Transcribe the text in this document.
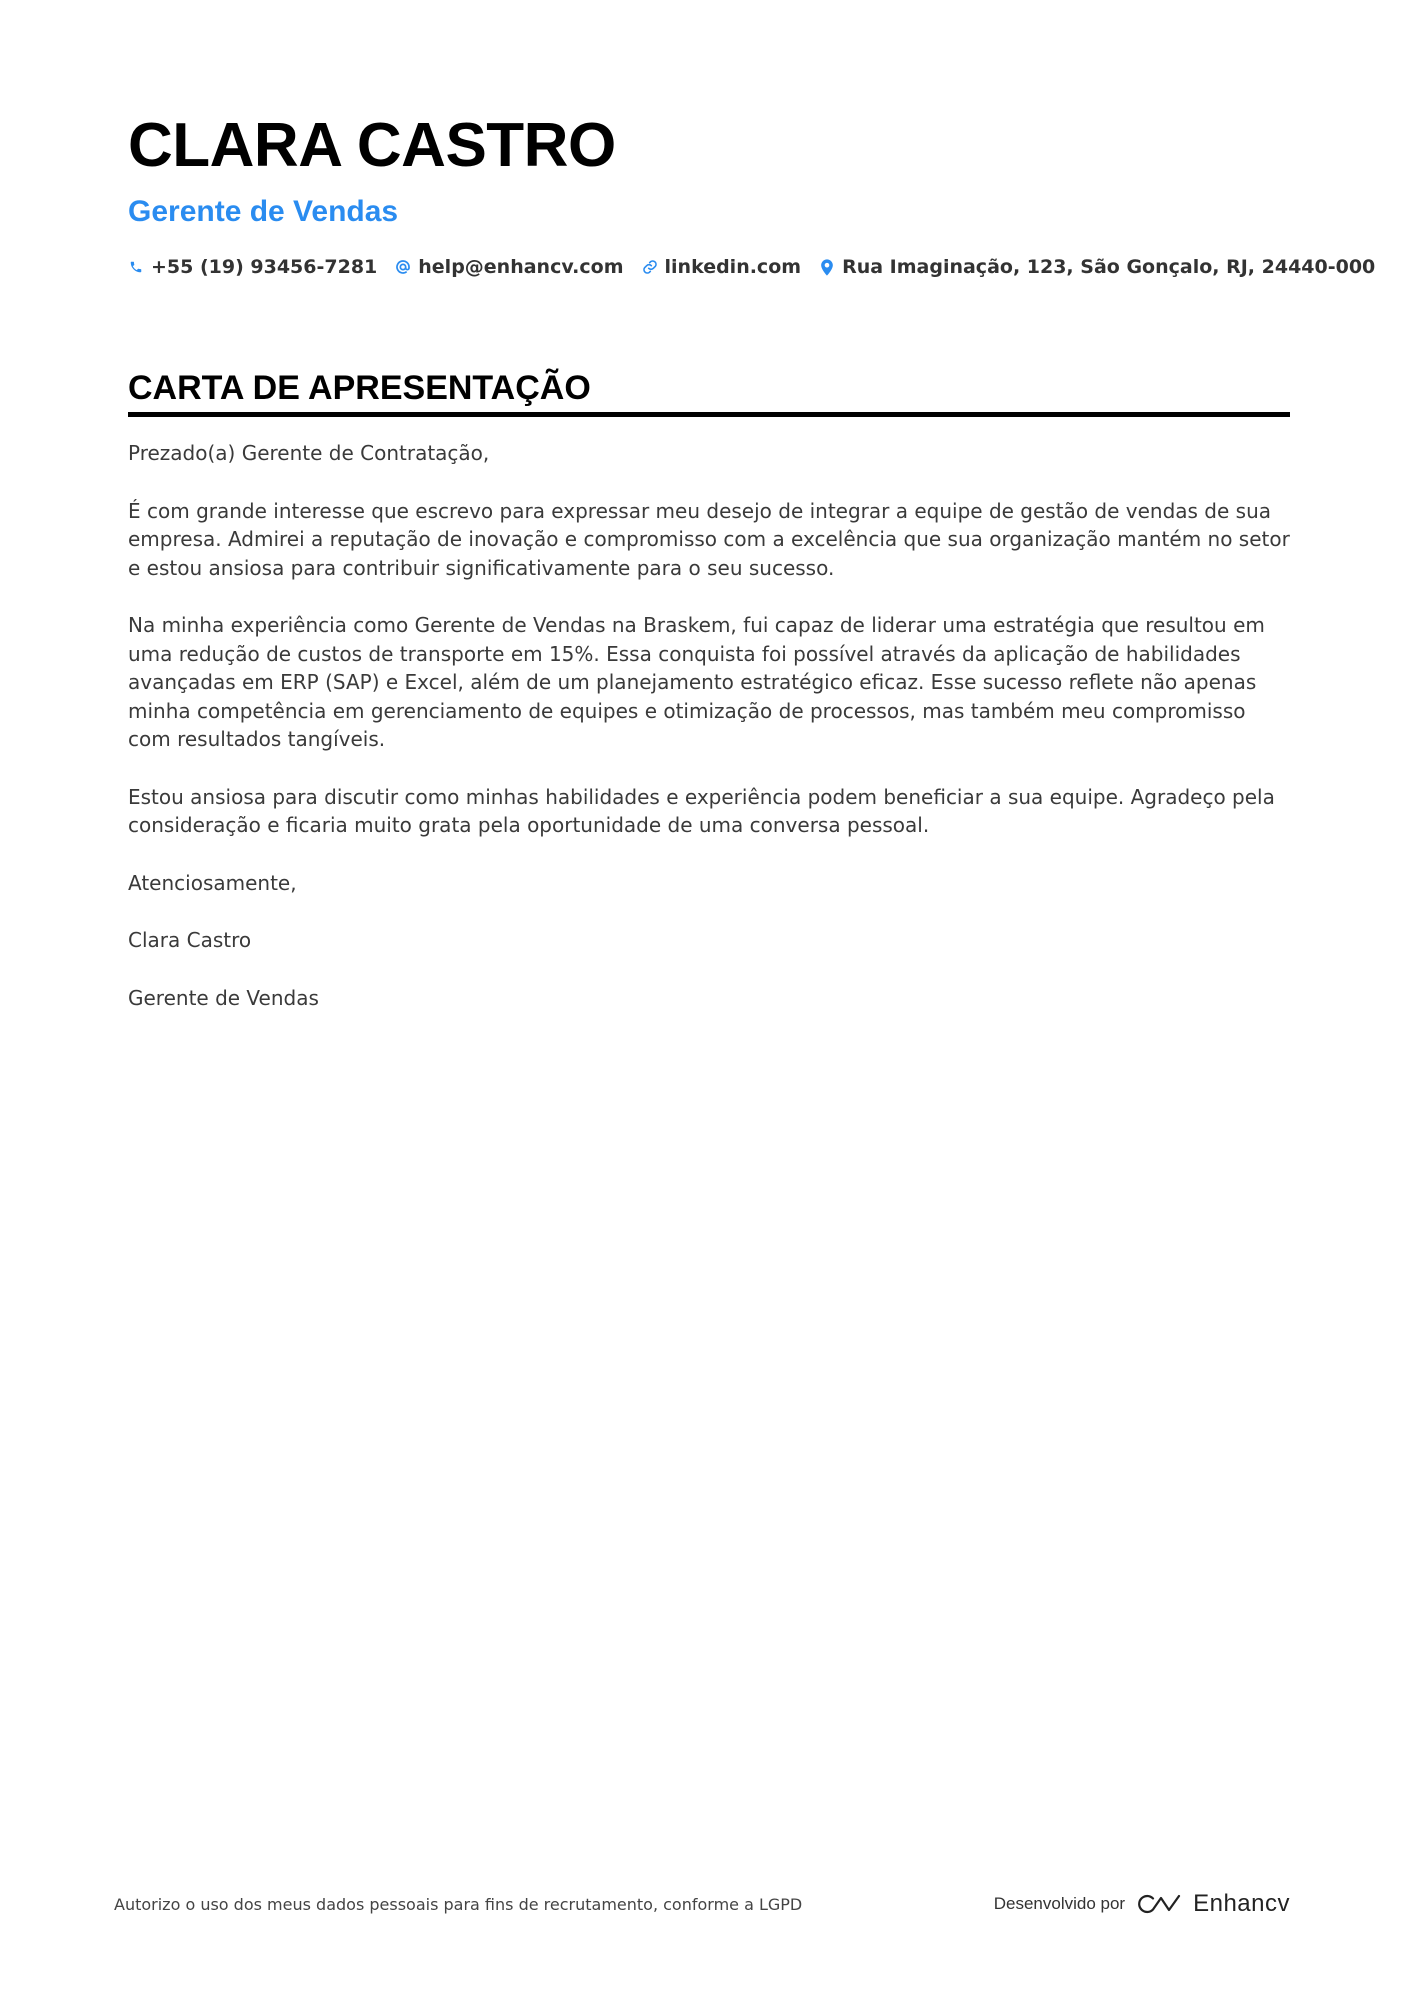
CLARA CASTRO
Gerente de Vendas
+55 (19) 93456-7281 help@enhancv.com linkedin.com Rua Imaginação, 123, São Gonçalo, RJ, 24440-000
CARTA DE APRESENTAÇÃO

Prezado(a) Gerente de Contratação,

É com grande interesse que escrevo para expressar meu desejo de integrar a equipe de gestão de vendas de sua empresa. Admirei a reputação de inovação e compromisso com a excelência que sua organização mantém no setor e estou ansiosa para contribuir significativamente para o seu sucesso.

Na minha experiência como Gerente de Vendas na Braskem, fui capaz de liderar uma estratégia que resultou em uma redução de custos de transporte em 15%. Essa conquista foi possível através da aplicação de habilidades avançadas em ERP (SAP) e Excel, além de um planejamento estratégico eficaz. Esse sucesso reflete não apenas minha competência em gerenciamento de equipes e otimização de processos, mas também meu compromisso com resultados tangíveis.

Estou ansiosa para discutir como minhas habilidades e experiência podem beneficiar a sua equipe. Agradeço pela consideração e ficaria muito grata pela oportunidade de uma conversa pessoal.

Atenciosamente,

Clara Castro

Gerente de Vendas

Autorizo o uso dos meus dados pessoais para fins de recrutamento, conforme a LGPD	Desenvolvido por	Enhancv
